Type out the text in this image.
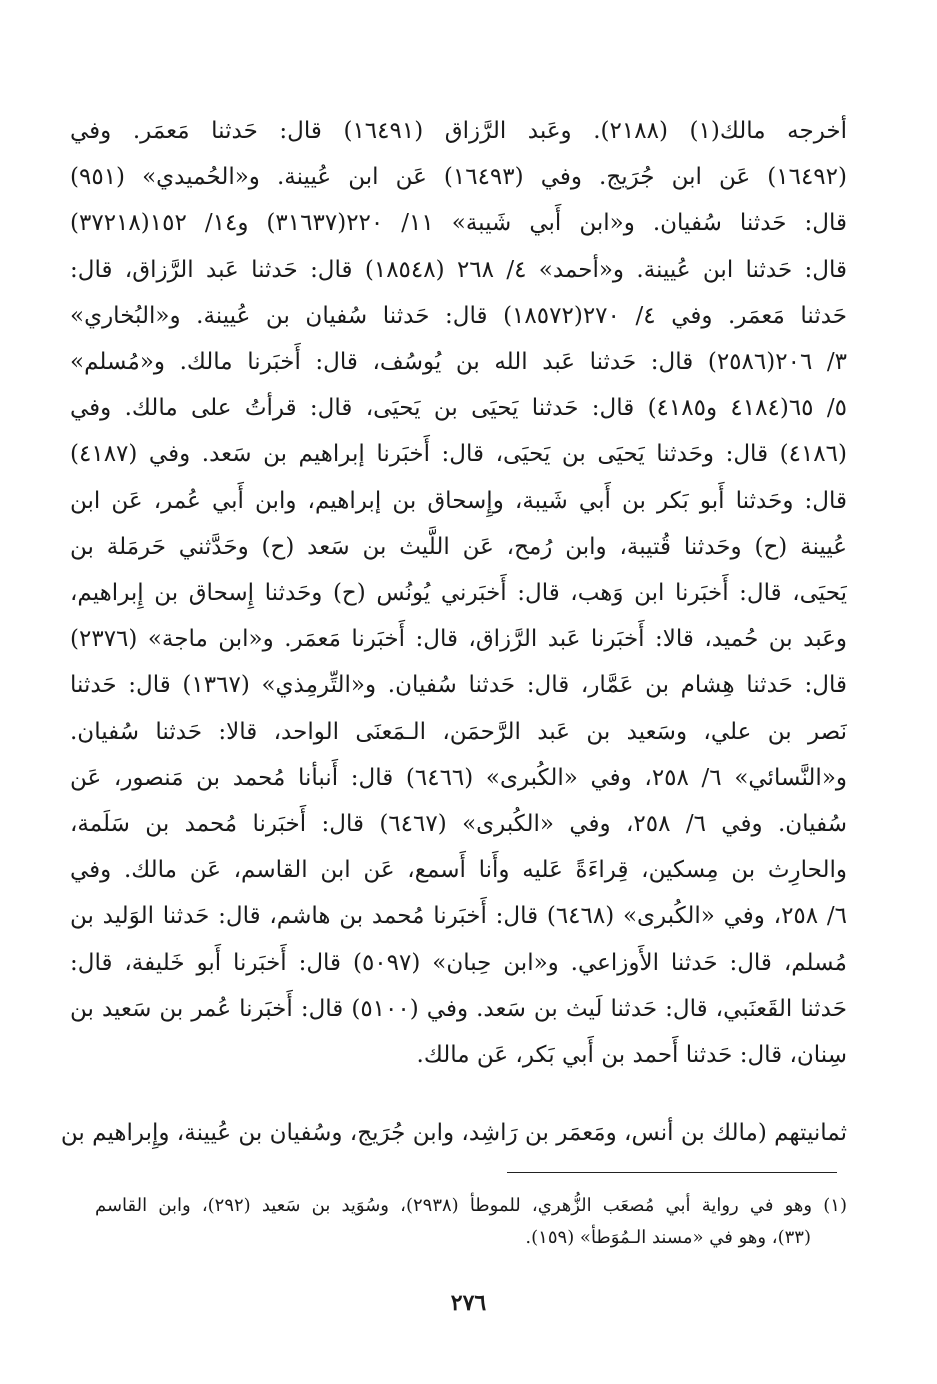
أخرجه مالك(١) (٢١٨٨). وعَبد الرَّزاق (١٦٤٩١) قال: حَدثنا مَعمَر. وفي
(١٦٤٩٢) عَن ابن جُرَيج. وفي (١٦٤٩٣) عَن ابن عُيينة. و«الحُميدي» (٩٥١)
قال: حَدثنا سُفيان. و«ابن أَبي شَيبة» ١١/ ٢٢٠(٣١٦٣٧) و١٤/ ١٥٢(٣٧٢١٨)
قال: حَدثنا ابن عُيينة. و«أحمد» ٤/ ٢٦٨ (١٨٥٤٨) قال: حَدثنا عَبد الرَّزاق، قال:
حَدثنا مَعمَر. وفي ٤/ ٢٧٠(١٨٥٧٢) قال: حَدثنا سُفيان بن عُيينة. و«البُخاري»
٣/ ٢٠٦(٢٥٨٦) قال: حَدثنا عَبد الله بن يُوسُف، قال: أَخبَرنا مالك. و«مُسلم»
٥/ ٦٥(٤١٨٤ و٤١٨٥) قال: حَدثنا يَحيَى بن يَحيَى، قال: قرأتُ على مالك. وفي
(٤١٨٦) قال: وحَدثنا يَحيَى بن يَحيَى، قال: أَخبَرنا إبراهيم بن سَعد. وفي (٤١٨٧)
قال: وحَدثنا أَبو بَكر بن أَبي شَيبة، وإِسحاق بن إبراهيم، وابن أَبي عُمر، عَن ابن
عُيينة (ح) وحَدثنا قُتيبة، وابن رُمح، عَن اللَّيث بن سَعد (ح) وحَدَّثني حَرمَلة بن
يَحيَى، قال: أَخبَرنا ابن وَهب، قال: أَخبَرني يُونُس (ح) وحَدثنا إِسحاق بن إِبراهيم،
وعَبد بن حُميد، قالا: أَخبَرنا عَبد الرَّزاق، قال: أَخبَرنا مَعمَر. و«ابن ماجة» (٢٣٧٦)
قال: حَدثنا هِشام بن عَمَّار، قال: حَدثنا سُفيان. و«التِّرمِذي» (١٣٦٧) قال: حَدثنا
نَصر بن علي، وسَعيد بن عَبد الرَّحمَن، الـمَعنَى الواحد، قالا: حَدثنا سُفيان.
و«النَّسائي» ٦/ ٢٥٨، وفي «الكُبرى» (٦٤٦٦) قال: أَنبأنا مُحمد بن مَنصور، عَن
سُفيان. وفي ٦/ ٢٥٨، وفي «الكُبرى» (٦٤٦٧) قال: أَخبَرنا مُحمد بن سَلَمة،
والحارِث بن مِسكين، قِراءَةً عَليه وأَنا أَسمع، عَن ابن القاسم، عَن مالك. وفي
٦/ ٢٥٨، وفي «الكُبرى» (٦٤٦٨) قال: أَخبَرنا مُحمد بن هاشم، قال: حَدثنا الوَليد بن
مُسلم، قال: حَدثنا الأَوزاعي. و«ابن حِبان» (٥٠٩٧) قال: أَخبَرنا أَبو خَليفة، قال:
حَدثنا القَعنَبي، قال: حَدثنا لَيث بن سَعد. وفي (٥١٠٠) قال: أَخبَرنا عُمر بن سَعيد بن
سِنان، قال: حَدثنا أَحمد بن أَبي بَكر، عَن مالك.
ثمانيتهم (مالك بن أنس، ومَعمَر بن رَاشِد، وابن جُرَيج، وسُفيان بن عُيينة، وإِبراهيم بن
(١) وهو في رواية أبي مُصعَب الزُّهري، للموطأ (٢٩٣٨)، وسُوَيد بن سَعيد (٢٩٢)، وابن القاسم
(٣٣)، وهو في «مسند الـمُوَطأ» (١٥٩).
٢٧٦
